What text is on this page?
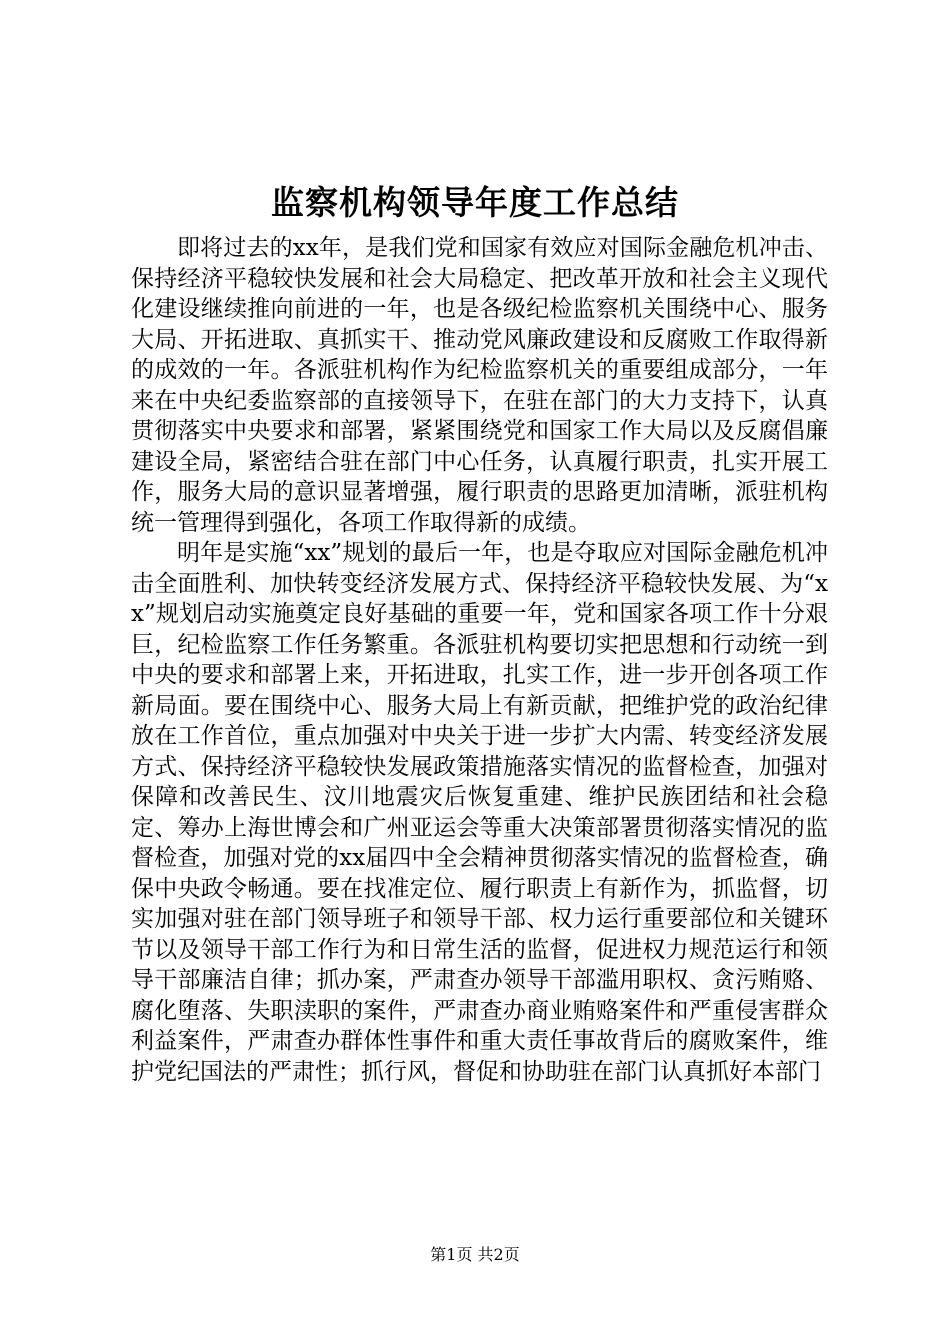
监察机构领导年度工作总结

即将过去的xx年，是我们党和国家有效应对国际金融危机冲击、保持经济平稳较快发展和社会大局稳定、把改革开放和社会主义现代化建设继续推向前进的一年，也是各级纪检监察机关围绕中心、服务大局、开拓进取、真抓实干、推动党风廉政建设和反腐败工作取得新的成效的一年。各派驻机构作为纪检监察机关的重要组成部分，一年来在中央纪委监察部的直接领导下，在驻在部门的大力支持下，认真贯彻落实中央要求和部署，紧紧围绕党和国家工作大局以及反腐倡廉建设全局，紧密结合驻在部门中心任务，认真履行职责，扎实开展工作，服务大局的意识显著增强，履行职责的思路更加清晰，派驻机构统一管理得到强化，各项工作取得新的成绩。

明年是实施“xx”规划的最后一年，也是夺取应对国际金融危机冲击全面胜利、加快转变经济发展方式、保持经济平稳较快发展、为“xx”规划启动实施奠定良好基础的重要一年，党和国家各项工作十分艰巨，纪检监察工作任务繁重。各派驻机构要切实把思想和行动统一到中央的要求和部署上来，开拓进取，扎实工作，进一步开创各项工作新局面。要在围绕中心、服务大局上有新贡献，把维护党的政治纪律放在工作首位，重点加强对中央关于进一步扩大内需、转变经济发展方式、保持经济平稳较快发展政策措施落实情况的监督检查，加强对保障和改善民生、汶川地震灾后恢复重建、维护民族团结和社会稳定、筹办上海世博会和广州亚运会等重大决策部署贯彻落实情况的监督检查，加强对党的xx届四中全会精神贯彻落实情况的监督检查，确保中央政令畅通。要在找准定位、履行职责上有新作为，抓监督，切实加强对驻在部门领导班子和领导干部、权力运行重要部位和关键环节以及领导干部工作行为和日常生活的监督，促进权力规范运行和领导干部廉洁自律；抓办案，严肃查办领导干部滥用职权、贪污贿赂、腐化堕落、失职渎职的案件，严肃查办商业贿赂案件和严重侵害群众利益案件，严肃查办群体性事件和重大责任事故背后的腐败案件，维护党纪国法的严肃性；抓行风，督促和协助驻在部门认真抓好本部门

第1页 共2页
